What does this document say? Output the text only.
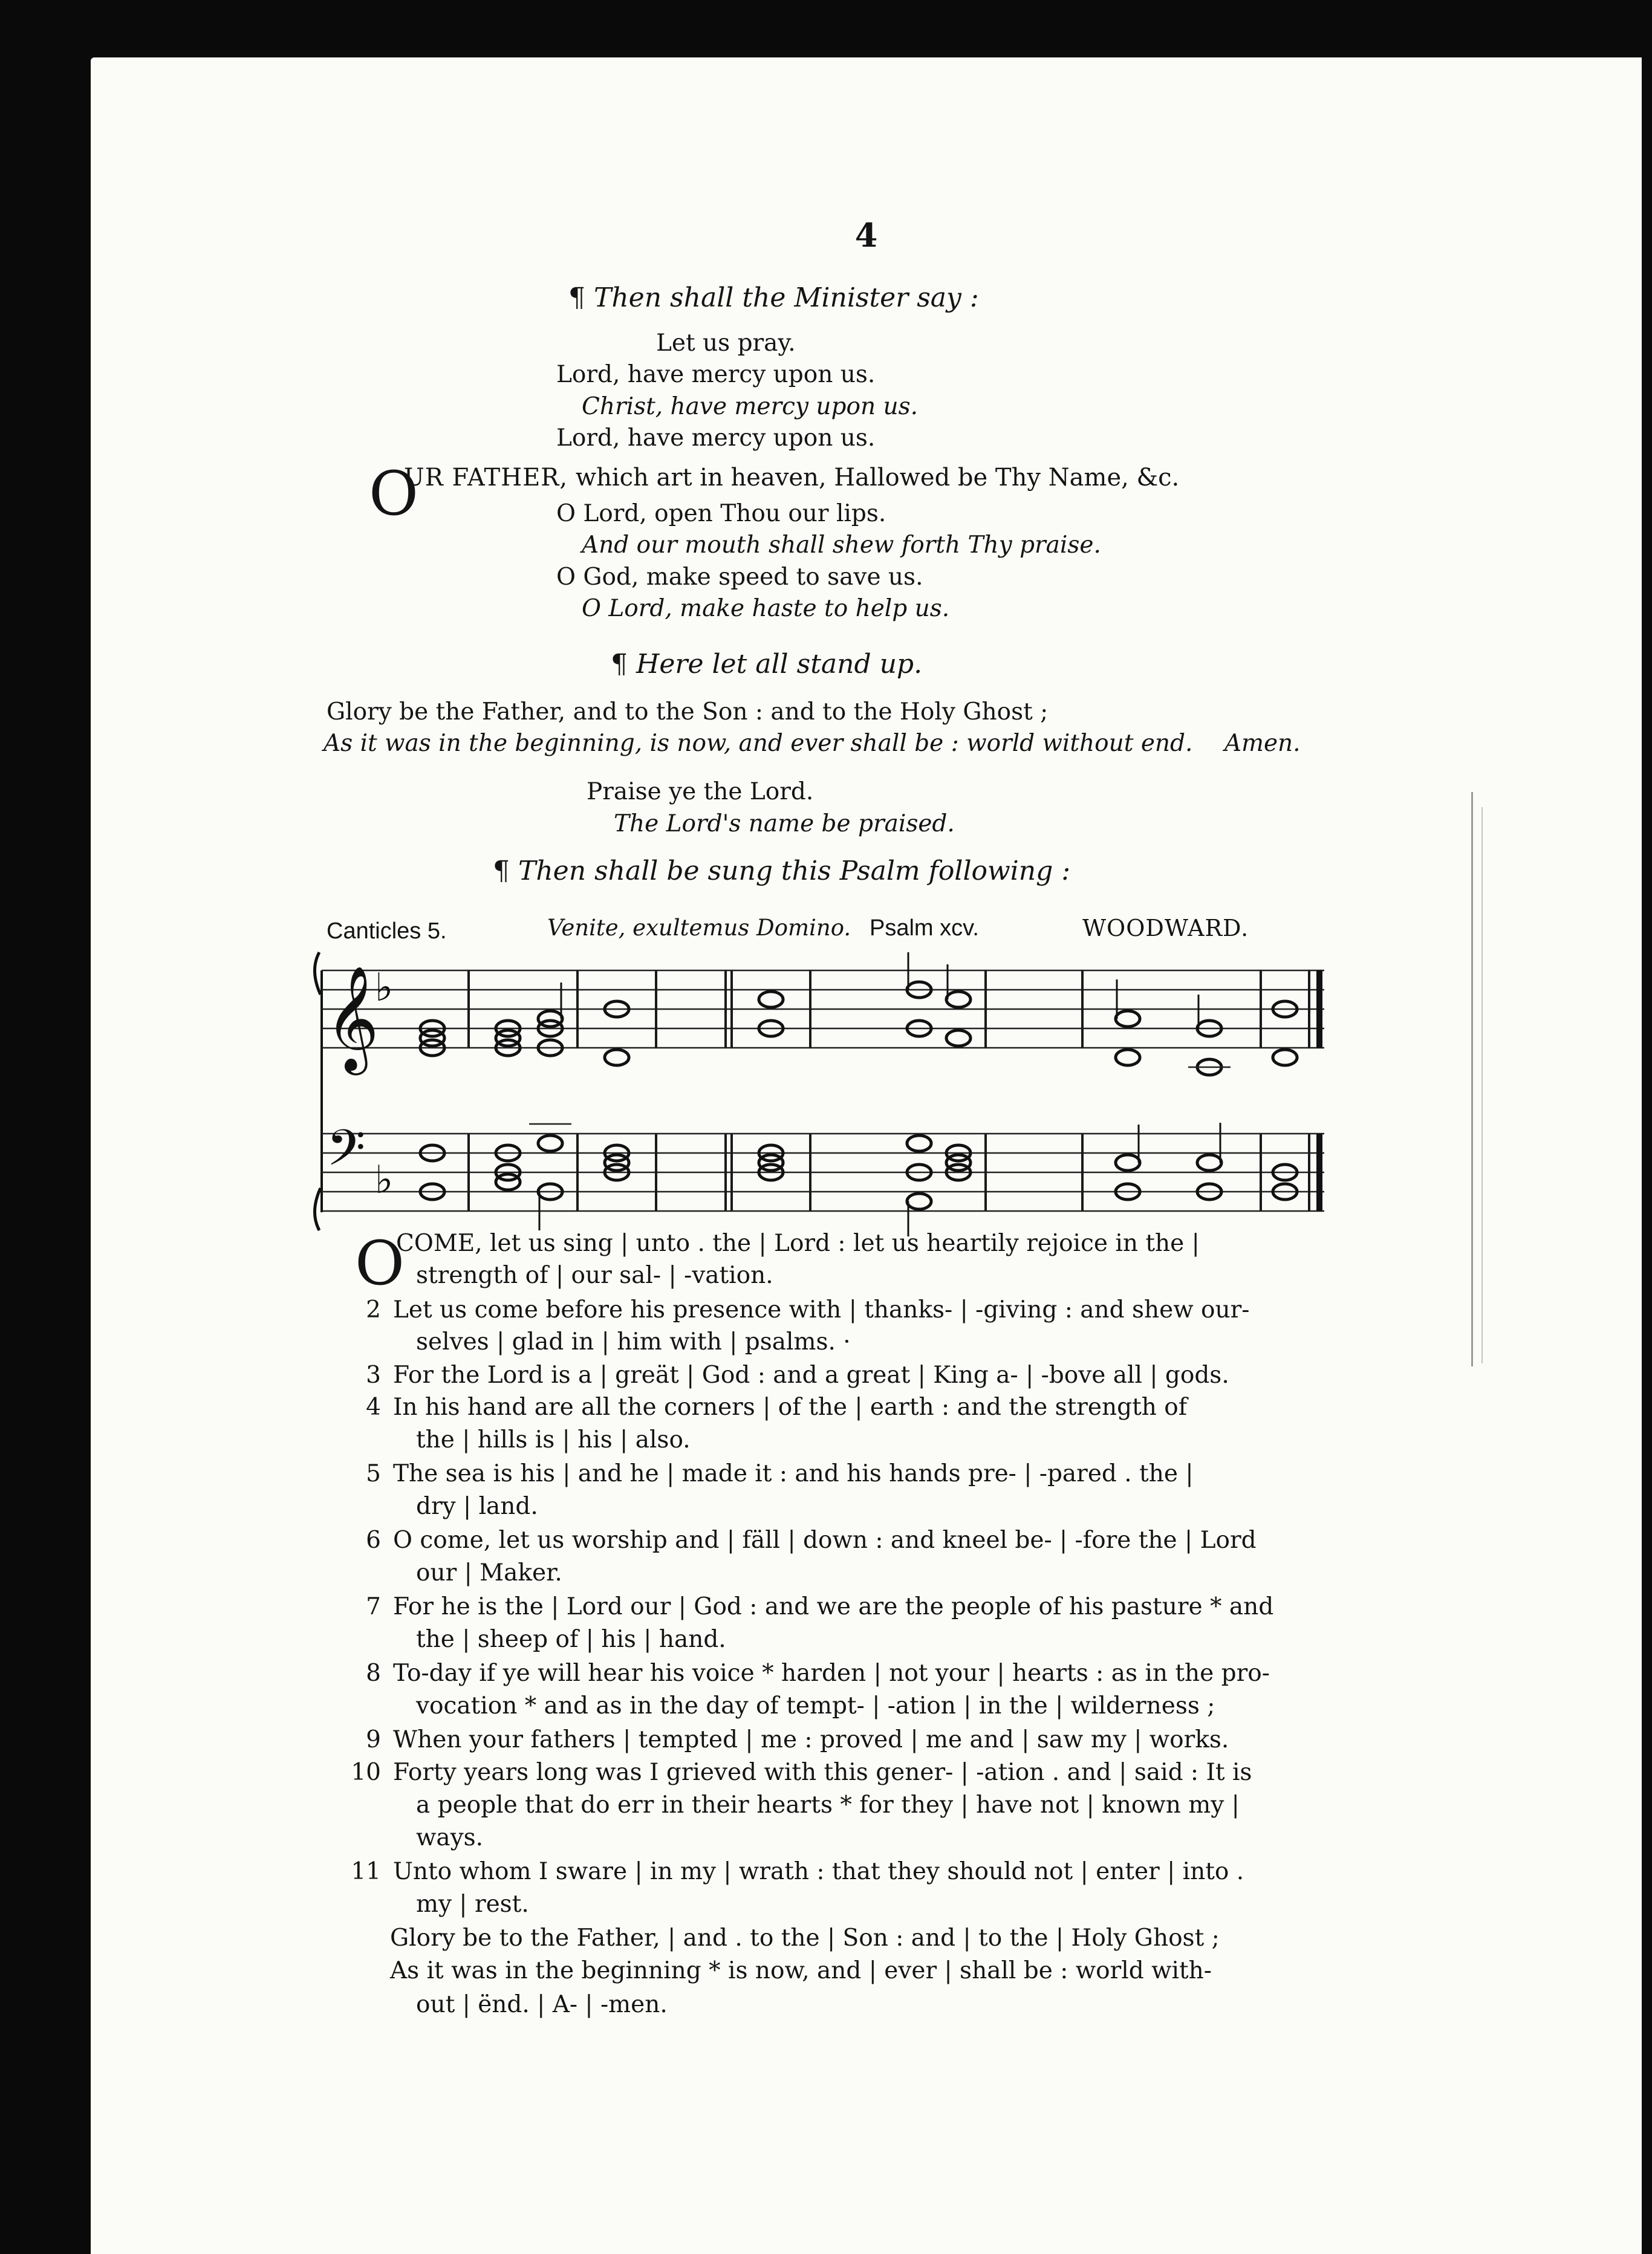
4
¶ Then shall the Minister say :
Let us pray.
Lord, have mercy upon us.
Christ, have mercy upon us.
Lord, have mercy upon us.
O
UR FATHER, which art in heaven, Hallowed be Thy Name, &c.
O Lord, open Thou our lips.
And our mouth shall shew forth Thy praise.
O God, make speed to save us.
O Lord, make haste to help us.
¶ Here let all stand up.
Glory be the Father, and to the Son : and to the Holy Ghost ;
As it was in the beginning, is now, and ever shall be : world without end. Amen.
Praise ye the Lord.
The Lord's name be praised.
¶ Then shall be sung this Psalm following :
Canticles 5.	Venite, exultemus Domino. Psalm xcv.	WOODWARD.
𝄞
♭
𝄢 ♭
O
COME, let us sing | unto . the | Lord : let us heartily rejoice in the |
strength of | our sal- | -vation.
2 Let us come before his presence with | thanks- | -giving : and shew our-
selves | glad in | him with | psalms. ·
3 For the Lord is a | greät | God : and a great | King a- | -bove all | gods.
4 In his hand are all the corners | of the | earth : and the strength of
the | hills is | his | also.
5 The sea is his | and he | made it : and his hands pre- | -pared . the |
dry | land.
6 O come, let us worship and | fäll | down : and kneel be- | -fore the | Lord
our | Maker.
7 For he is the | Lord our | God : and we are the people of his pasture * and
the | sheep of | his | hand.
8 To-day if ye will hear his voice * harden | not your | hearts : as in the pro-
vocation * and as in the day of tempt- | -ation | in the | wilderness ;
9 When your fathers | tempted | me : proved | me and | saw my | works.
10 Forty years long was I grieved with this gener- | -ation . and | said : It is
a people that do err in their hearts * for they | have not | known my |
ways.
11 Unto whom I sware | in my | wrath : that they should not | enter | into .
my | rest.
Glory be to the Father, | and . to the | Son : and | to the | Holy Ghost ;
As it was in the beginning * is now, and | ever | shall be : world with-
out | ënd. | A- | -men.
